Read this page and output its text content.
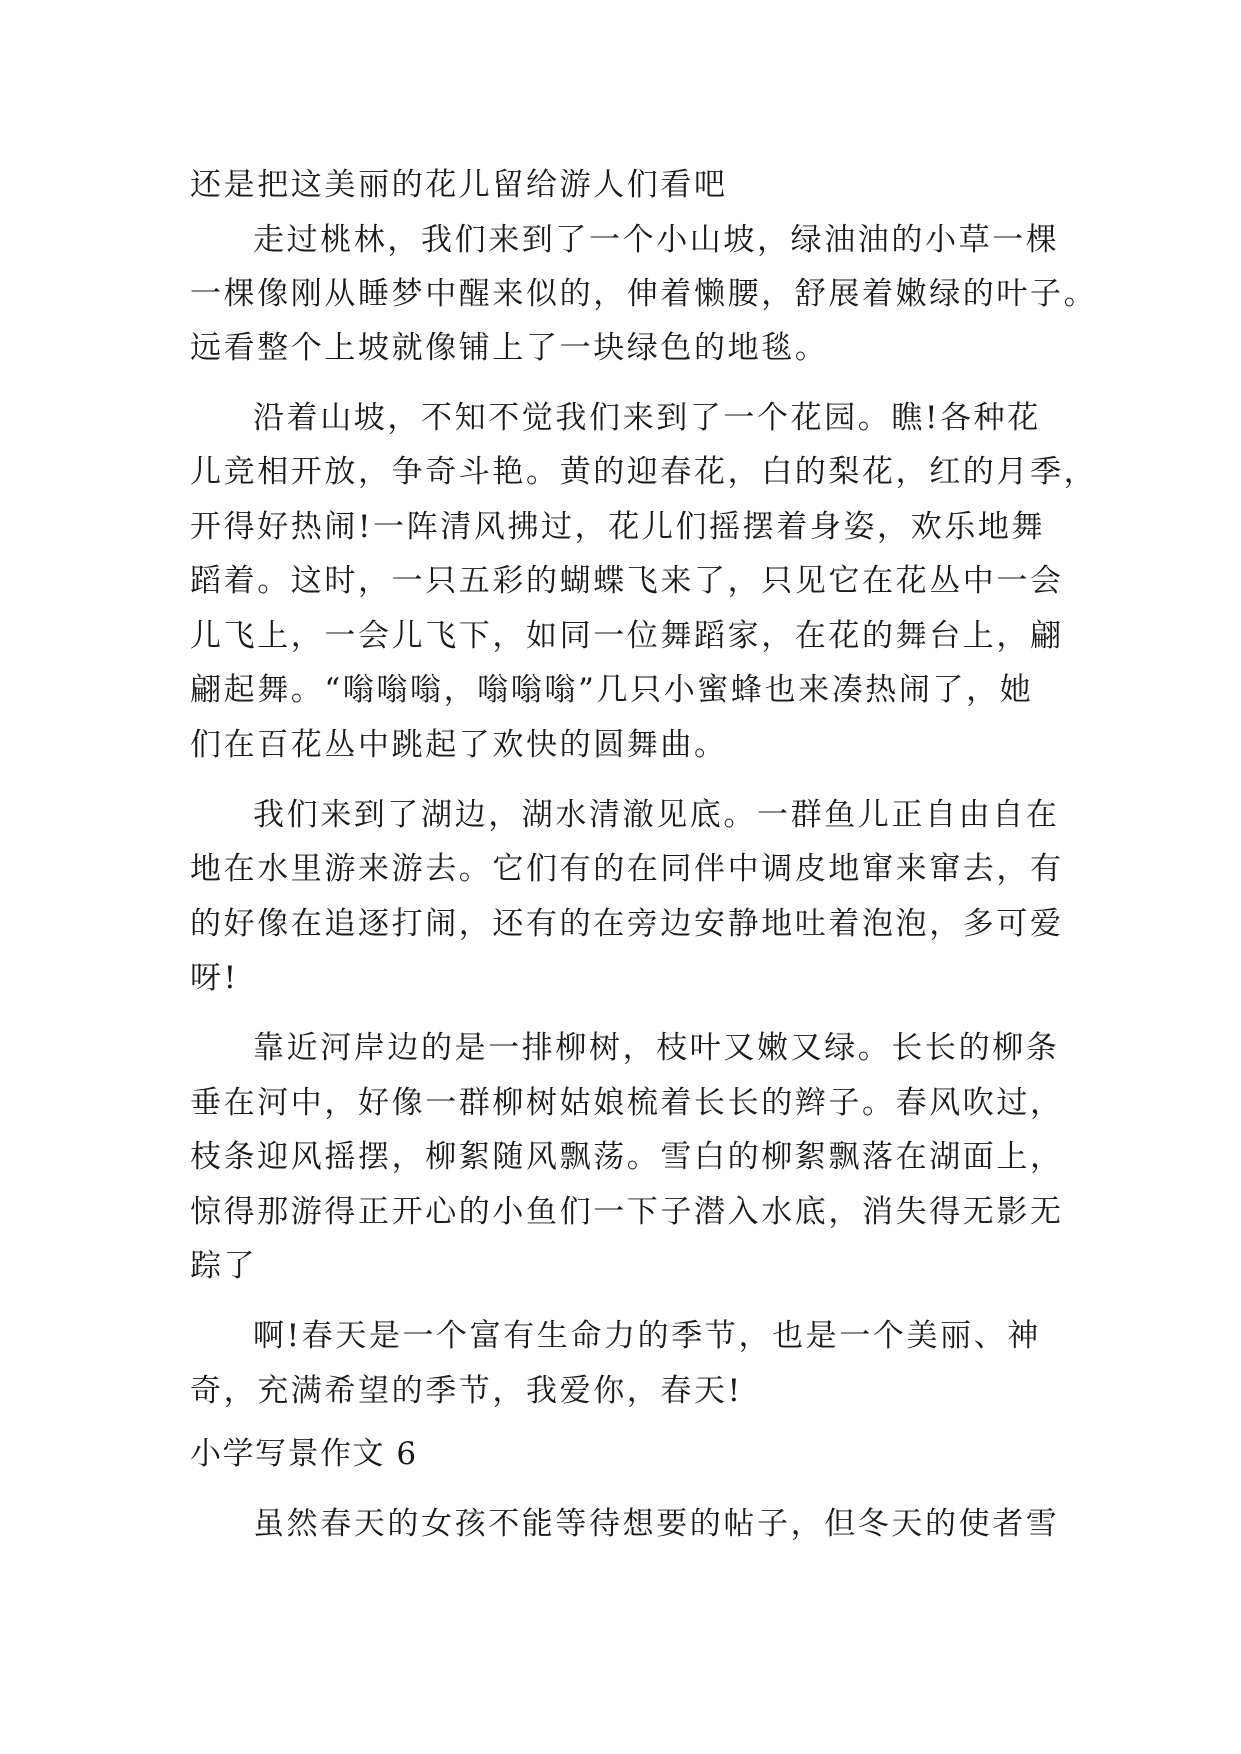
还是把这美丽的花儿留给游人们看吧
走过桃林，我们来到了一个小山坡，绿油油的小草一棵
一棵像刚从睡梦中醒来似的，伸着懒腰，舒展着嫩绿的叶子。
远看整个上坡就像铺上了一块绿色的地毯。
沿着山坡，不知不觉我们来到了一个花园。瞧!各种花
儿竞相开放，争奇斗艳。黄的迎春花，白的梨花，红的月季，
开得好热闹!一阵清风拂过，花儿们摇摆着身姿，欢乐地舞
蹈着。这时，一只五彩的蝴蝶飞来了，只见它在花丛中一会
儿飞上，一会儿飞下，如同一位舞蹈家，在花的舞台上，翩
翩起舞。“嗡嗡嗡，嗡嗡嗡”几只小蜜蜂也来凑热闹了，她
们在百花丛中跳起了欢快的圆舞曲。
我们来到了湖边，湖水清澈见底。一群鱼儿正自由自在
地在水里游来游去。它们有的在同伴中调皮地窜来窜去，有
的好像在追逐打闹，还有的在旁边安静地吐着泡泡，多可爱
呀!
靠近河岸边的是一排柳树，枝叶又嫩又绿。长长的柳条
垂在河中，好像一群柳树姑娘梳着长长的辫子。春风吹过，
枝条迎风摇摆，柳絮随风飘荡。雪白的柳絮飘落在湖面上，
惊得那游得正开心的小鱼们一下子潜入水底，消失得无影无
踪了
啊!春天是一个富有生命力的季节，也是一个美丽、神
奇，充满希望的季节，我爱你，春天!
小学写景作文 6
虽然春天的女孩不能等待想要的帖子，但冬天的使者雪
